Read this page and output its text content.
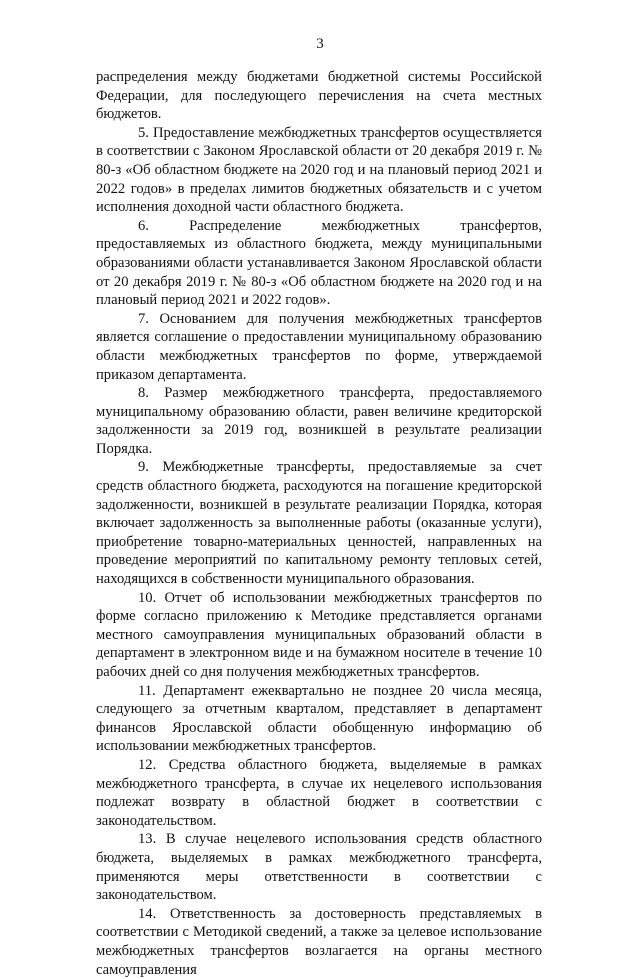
3

распределения между бюджетами бюджетной системы Российской Федерации, для последующего перечисления на счета местных бюджетов.

5. Предоставление межбюджетных трансфертов осуществляется в соответствии с Законом Ярославской области от 20 декабря 2019 г. № 80-з «Об областном бюджете на 2020 год и на плановый период 2021 и 2022 годов» в пределах лимитов бюджетных обязательств и с учетом исполнения доходной части областного бюджета.

6. Распределение межбюджетных трансфертов, предоставляемых из областного бюджета, между муниципальными образованиями области устанавливается Законом Ярославской области от 20 декабря 2019 г. № 80-з «Об областном бюджете на 2020 год и на плановый период 2021 и 2022 годов».

7. Основанием для получения межбюджетных трансфертов является соглашение о предоставлении муниципальному образованию области межбюджетных трансфертов по форме, утверждаемой приказом департамента.

8. Размер межбюджетного трансферта, предоставляемого муниципальному образованию области, равен величине кредиторской задолженности за 2019 год, возникшей в результате реализации Порядка.

9. Межбюджетные трансферты, предоставляемые за счет средств областного бюджета, расходуются на погашение кредиторской задолженности, возникшей в результате реализации Порядка, которая включает задолженность за выполненные работы (оказанные услуги), приобретение товарно-материальных ценностей, направленных на проведение мероприятий по капитальному ремонту тепловых сетей, находящихся в собственности муниципального образования.

10. Отчет об использовании межбюджетных трансфертов по форме согласно приложению к Методике представляется органами местного самоуправления муниципальных образований области в департамент в электронном виде и на бумажном носителе в течение 10 рабочих дней со дня получения межбюджетных трансфертов.

11. Департамент ежеквартально не позднее 20 числа месяца, следующего за отчетным кварталом, представляет в департамент финансов Ярославской области обобщенную информацию об использовании межбюджетных трансфертов.

12. Средства областного бюджета, выделяемые в рамках межбюджетного трансферта, в случае их нецелевого использования подлежат возврату в областной бюджет в соответствии с законодательством.

13. В случае нецелевого использования средств областного бюджета, выделяемых в рамках межбюджетного трансферта, применяются меры ответственности в соответствии с законодательством.

14. Ответственность за достоверность представляемых в соответствии с Методикой сведений, а также за целевое использование межбюджетных трансфертов возлагается на органы местного самоуправления
